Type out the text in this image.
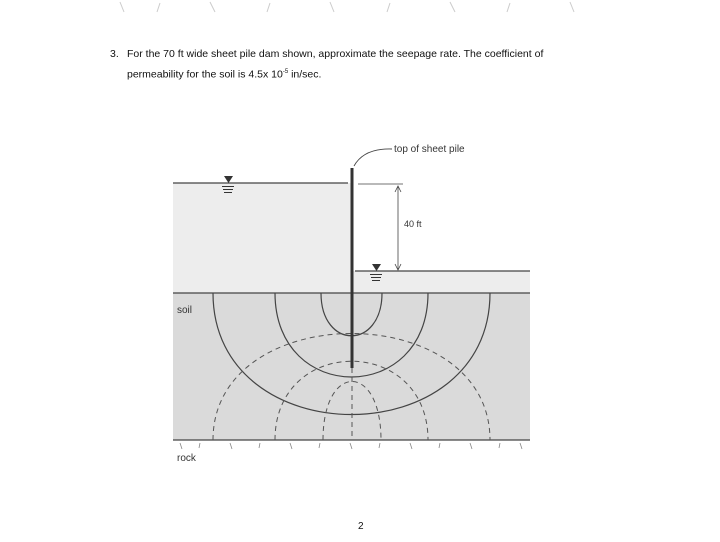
3. For the 70 ft wide sheet pile dam shown, approximate the seepage rate. The coefficient of
permeability for the soil is 4.5x $10^{-5}$ in/sec.
top of sheet pile
40 ft
soil
rock
2
